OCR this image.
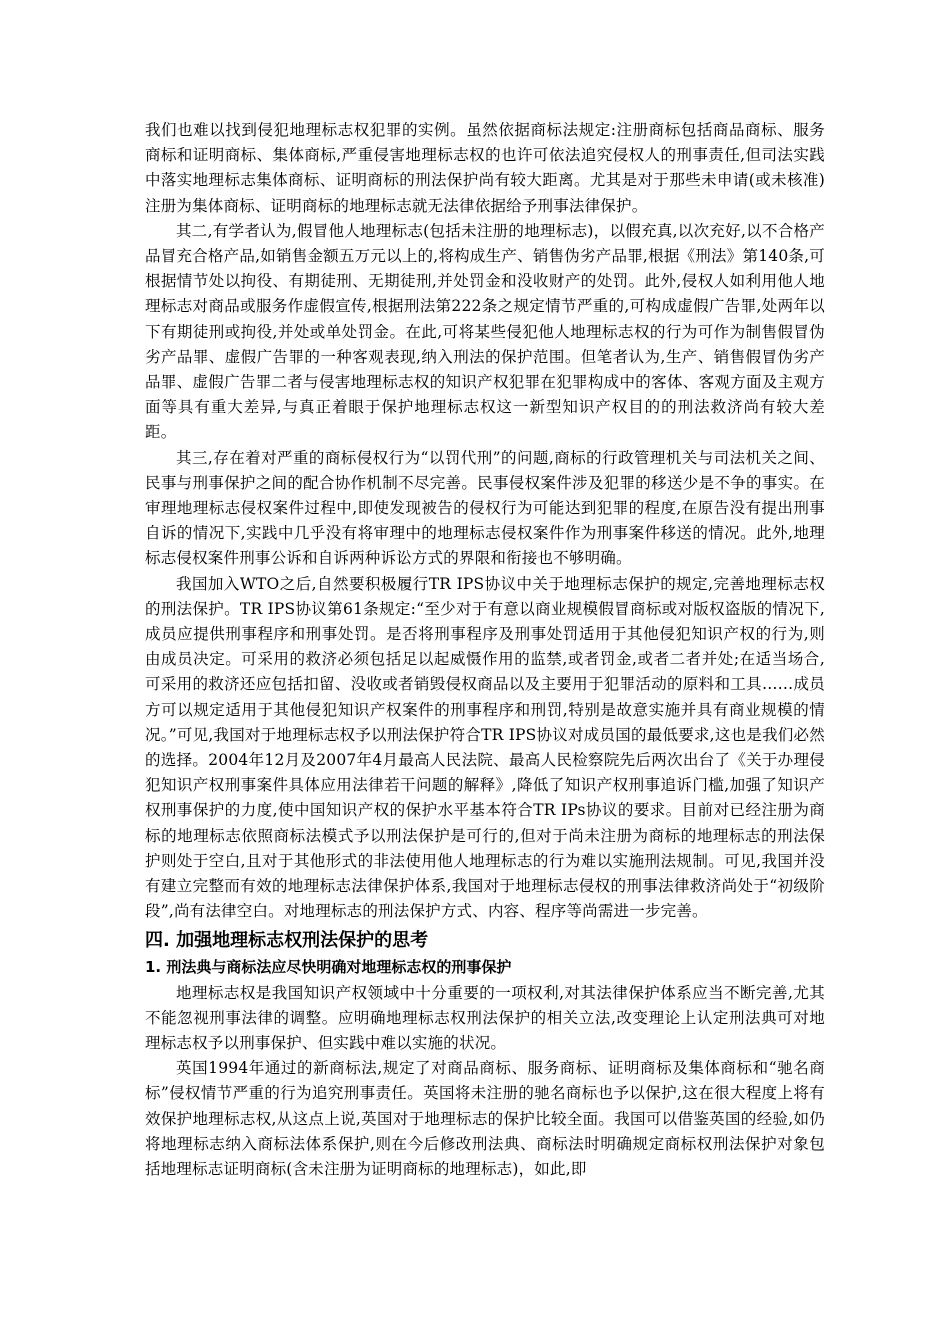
我们也难以找到侵犯地理标志权犯罪的实例。虽然依据商标法规定:注册商标包括商品商标、服务商标和证明商标、集体商标,严重侵害地理标志权的也许可依法追究侵权人的刑事责任,但司法实践中落实地理标志集体商标、证明商标的刑法保护尚有较大距离。尤其是对于那些未申请(或未核准)注册为集体商标、证明商标的地理标志就无法律依据给予刑事法律保护。

其二,有学者认为,假冒他人地理标志(包括未注册的地理标志)，以假充真,以次充好,以不合格产品冒充合格产品,如销售金额五万元以上的,将构成生产、销售伪劣产品罪,根据《刑法》第140条,可根据情节处以拘役、有期徒刑、无期徒刑,并处罚金和没收财产的处罚。此外,侵权人如利用他人地理标志对商品或服务作虚假宣传,根据刑法第222条之规定情节严重的,可构成虚假广告罪,处两年以下有期徒刑或拘役,并处或单处罚金。在此,可将某些侵犯他人地理标志权的行为可作为制售假冒伪劣产品罪、虚假广告罪的一种客观表现,纳入刑法的保护范围。但笔者认为,生产、销售假冒伪劣产品罪、虚假广告罪二者与侵害地理标志权的知识产权犯罪在犯罪构成中的客体、客观方面及主观方面等具有重大差异,与真正着眼于保护地理标志权这一新型知识产权目的的刑法救济尚有较大差距。

其三,存在着对严重的商标侵权行为“以罚代刑”的问题,商标的行政管理机关与司法机关之间、民事与刑事保护之间的配合协作机制不尽完善。民事侵权案件涉及犯罪的移送少是不争的事实。在审理地理标志侵权案件过程中,即使发现被告的侵权行为可能达到犯罪的程度,在原告没有提出刑事自诉的情况下,实践中几乎没有将审理中的地理标志侵权案件作为刑事案件移送的情况。此外,地理标志侵权案件刑事公诉和自诉两种诉讼方式的界限和衔接也不够明确。

我国加入WTO之后,自然要积极履行TR IPS协议中关于地理标志保护的规定,完善地理标志权的刑法保护。TR IPS协议第61条规定:“至少对于有意以商业规模假冒商标或对版权盗版的情况下,成员应提供刑事程序和刑事处罚。是否将刑事程序及刑事处罚适用于其他侵犯知识产权的行为,则由成员决定。可采用的救济必须包括足以起威慑作用的监禁,或者罚金,或者二者并处;在适当场合,可采用的救济还应包括扣留、没收或者销毁侵权商品以及主要用于犯罪活动的原料和工具……成员方可以规定适用于其他侵犯知识产权案件的刑事程序和刑罚,特别是故意实施并具有商业规模的情况。”可见,我国对于地理标志权予以刑法保护符合TR IPS协议对成员国的最低要求,这也是我们必然的选择。2004年12月及2007年4月最高人民法院、最高人民检察院先后两次出台了《关于办理侵犯知识产权刑事案件具体应用法律若干问题的解释》,降低了知识产权刑事追诉门槛,加强了知识产权刑事保护的力度,使中国知识产权的保护水平基本符合TR IPs协议的要求。目前对已经注册为商标的地理标志依照商标法模式予以刑法保护是可行的,但对于尚未注册为商标的地理标志的刑法保护则处于空白,且对于其他形式的非法使用他人地理标志的行为难以实施刑法规制。可见,我国并没有建立完整而有效的地理标志法律保护体系,我国对于地理标志侵权的刑事法律救济尚处于“初级阶段”,尚有法律空白。对地理标志的刑法保护方式、内容、程序等尚需进一步完善。

四. 加强地理标志权刑法保护的思考
1. 刑法典与商标法应尽快明确对地理标志权的刑事保护

地理标志权是我国知识产权领域中十分重要的一项权利,对其法律保护体系应当不断完善,尤其不能忽视刑事法律的调整。应明确地理标志权刑法保护的相关立法,改变理论上认定刑法典可对地理标志权予以刑事保护、但实践中难以实施的状况。

英国1994年通过的新商标法,规定了对商品商标、服务商标、证明商标及集体商标和“驰名商标”侵权情节严重的行为追究刑事责任。英国将未注册的驰名商标也予以保护,这在很大程度上将有效保护地理标志权,从这点上说,英国对于地理标志的保护比较全面。我国可以借鉴英国的经验,如仍将地理标志纳入商标法体系保护,则在今后修改刑法典、商标法时明确规定商标权刑法保护对象包括地理标志证明商标(含未注册为证明商标的地理标志)，如此,即
